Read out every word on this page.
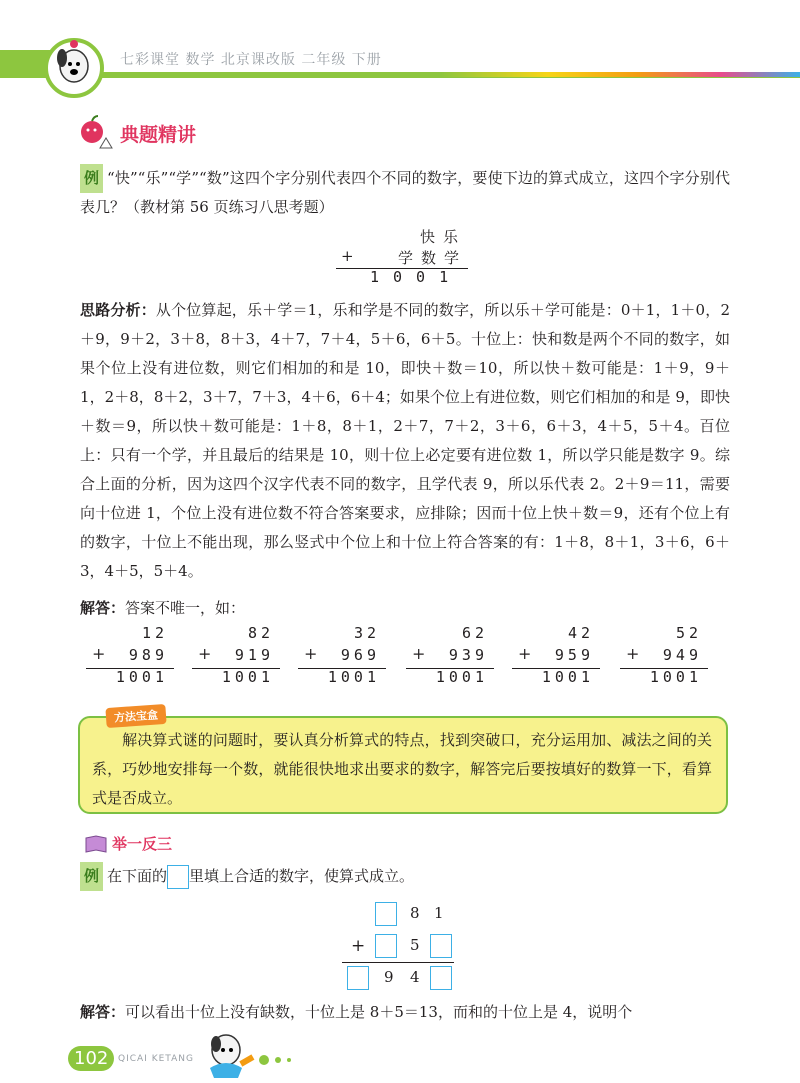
七彩课堂 数学 北京课改版 二年级 下册
典题精讲
例 “快”“乐”“学”“数”这四个字分别代表四个不同的数字，要使下边的算式成立，这四个字分别代表几？（教材第 56 页练习八思考题）
快乐
+ 学数学
1001
思路分析：从个位算起，乐＋学＝1，乐和学是不同的数字，所以乐＋学可能是：0＋1，1＋0，2＋9，9＋2，3＋8，8＋3，4＋7，7＋4，5＋6，6＋5。十位上：快和数是两个不同的数字，如果个位上没有进位数，则它们相加的和是 10，即快＋数＝10，所以快＋数可能是：1＋9，9＋1，2＋8，8＋2，3＋7，7＋3，4＋6，6＋4；如果个位上有进位数，则它们相加的和是 9，即快＋数＝9，所以快＋数可能是：1＋8，8＋1，2＋7，7＋2，3＋6，6＋3，4＋5，5＋4。百位上：只有一个学，并且最后的结果是 10，则十位上必定要有进位数 1，所以学只能是数字 9。综合上面的分析，因为这四个汉字代表不同的数字，且学代表 9，所以乐代表 2。2＋9＝11，需要向十位进 1，个位上没有进位数不符合答案要求，应排除；因而十位上快＋数＝9，还有个位上有的数字，十位上不能出现，那么竖式中个位上和十位上符合答案的有：1＋8，8＋1，3＋6，6＋3，4＋5，5＋4。
解答：答案不唯一，如：
12
989
+
1001
82
919
+
1001
32
969
+
1001
62
939
+
1001
42
959
+
1001
52
949
+
1001
方法宝盒
解决算式谜的问题时，要认真分析算式的特点，找到突破口，充分运用加、减法之间的关系，巧妙地安排每一个数，就能很快地求出要求的数字，解答完后要按填好的数算一下，看算式是否成立。
举一反三
例 在下面的 里填上合适的数字，使算式成立。
8 1
+	5
9 4
解答：可以看出十位上没有缺数，十位上是 8＋5＝13，而和的十位上是 4，说明个
102	QICAI KETANG
